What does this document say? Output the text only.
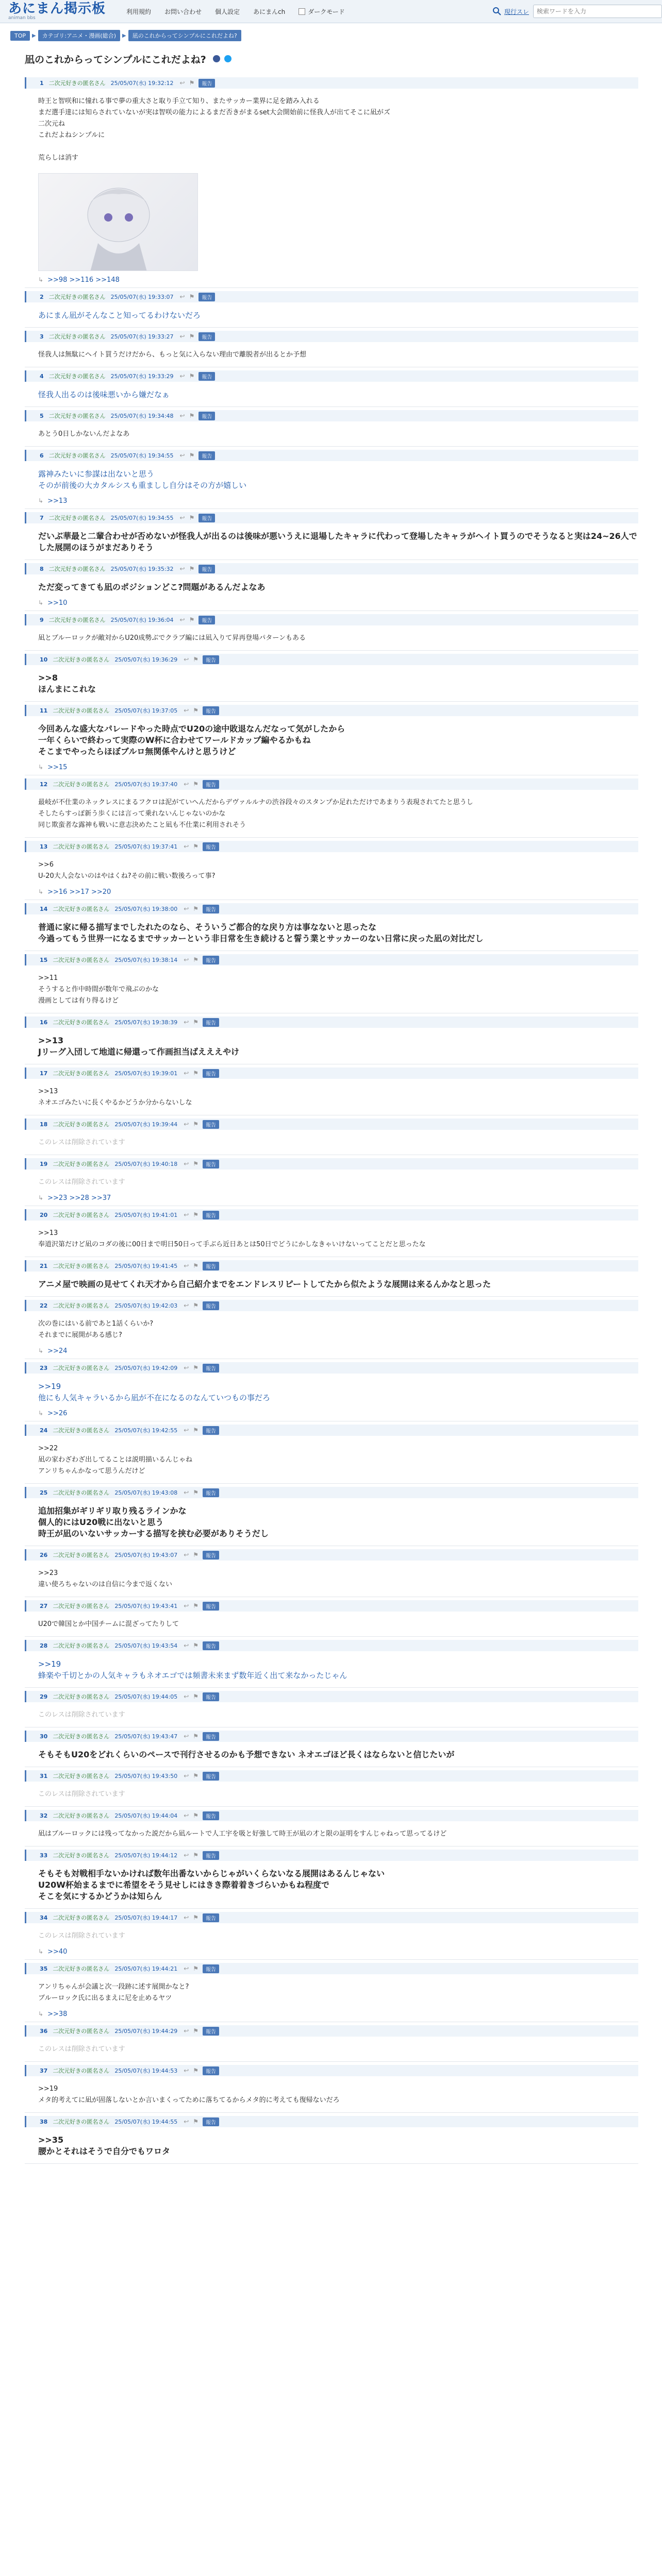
あにまん掲示板
animan bbs
利用規約 お問い合わせ 個人設定 あにまんch	ダークモード	現行スレ
検索ワードを入力
TOP	▶	カテゴリ:アニメ・漫画(総合)	▶	凪のこれからってシンプルにこれだよね?
凪のこれからってシンプルにこれだよね?
1 二次元好きの匿名さん 25/05/07(水) 19:32:12 ↩ ⚑	報告
時王と智咲和に憧れる事で夢の重大さと取り手立て知り、またサッカー業界に足を踏み入れる
まだ選手達には知らされていないが実は智咲の能力によるまだ否きがまるset大会開始前に怪我人が出てそこに凪がズ
二次元ね
これだよねシンプルに

荒らしは消す
↳ >>98 >>116 >>148
2 二次元好きの匿名さん 25/05/07(水) 19:33:07 ↩ ⚑	報告
あにまん凪がそんなこと知ってるわけないだろ
3 二次元好きの匿名さん 25/05/07(水) 19:33:27 ↩ ⚑	報告
怪我人は無駄にヘイト買うだけだから、もっと気に入らない理由で離脱者が出るとか予想
4 二次元好きの匿名さん 25/05/07(水) 19:33:29 ↩ ⚑	報告
怪我人出るのは後味悪いから嫌だなぁ
5 二次元好きの匿名さん 25/05/07(水) 19:34:48 ↩ ⚑	報告
あとう0日しかないんだよなあ
6 二次元好きの匿名さん 25/05/07(水) 19:34:55 ↩ ⚑	報告
露神みたいに参謀は出ないと思う
そのが前後の大カタルシスも重ましし自分はその方が嬉しい
↳ >>13
7 二次元好きの匿名さん 25/05/07(水) 19:34:55 ↩ ⚑	報告
だいぶ華最と二輩合わせが否めないが怪我人が出るのは後味が悪いうえに退場したキャラに代わって登場したキャラがヘイト買うのでそうなると実は24~26人でした展開のほうがまだありそう
8 二次元好きの匿名さん 25/05/07(水) 19:35:32 ↩ ⚑	報告
ただ変ってきても凪のポジションどこ?問題があるんだよなあ
↳ >>10
9 二次元好きの匿名さん 25/05/07(水) 19:36:04 ↩ ⚑	報告
凪とブルーロックが敵対からU20成勢ぶでクラブ編には凪入りて昇再登場パターンもある
10 二次元好きの匿名さん 25/05/07(水) 19:36:29 ↩ ⚑	報告
>>8
ほんまにこれな
11 二次元好きの匿名さん 25/05/07(水) 19:37:05 ↩ ⚑	報告
今回あんな盛大なパレードやった時点でU20の途中敗退なんだなって気がしたから
一年くらいで終わって実際のW杯に合わせてワールドカップ編やるかもね
そこまでやったらほぼブルロ無関係やんけと思うけど
↳ >>15
12 二次元好きの匿名さん 25/05/07(水) 19:37:40 ↩ ⚑	報告
最岐が不仕業のネックレスにまるフクロは泥がていへんだからデヴァルルナの渋谷段々のスタンプか足れただけであまりう表現されてたと思うし
そしたらすっぽ新う歩くには言って乗れないんじゃないのかな
同じ欺蛮者な露神も戦いに意志決めたこと凪も不仕業に利用されそう
13 二次元好きの匿名さん 25/05/07(水) 19:37:41 ↩ ⚑	報告
>>6
U-20大人会ないのはやはくね?その前に戦い数後ろって事?
↳ >>16 >>17 >>20
14 二次元好きの匿名さん 25/05/07(水) 19:38:00 ↩ ⚑	報告
普通に家に帰る描写までしたれたのなら、そういうご都合的な戻り方は事なないと思ったな
今過ってもう世界一になるまでサッカーという非日常を生き続けると誓う業とサッカーのない日常に戻った凪の対比だし
15 二次元好きの匿名さん 25/05/07(水) 19:38:14 ↩ ⚑	報告
>>11
そうすると作中時間が数年で飛ぶのかな
漫画としては有り得るけど
16 二次元好きの匿名さん 25/05/07(水) 19:38:39 ↩ ⚑	報告
>>13
Jリーグ入団して地道に帰還って作画担当ばえええやけ
17 二次元好きの匿名さん 25/05/07(水) 19:39:01 ↩ ⚑	報告
>>13
ネオエゴみたいに長くやるかどうか分からないしな
18 二次元好きの匿名さん 25/05/07(水) 19:39:44 ↩ ⚑	報告
このレスは削除されています
19 二次元好きの匿名さん 25/05/07(水) 19:40:18 ↩ ⚑	報告
このレスは削除されています
↳ >>23 >>28 >>37
20 二次元好きの匿名さん 25/05/07(水) 19:41:01 ↩ ⚑	報告
>>13
奉道沢第だけど凪のコダの後に00日まで明日50日って手ぶら近日あとは50日でどうにかしなきゃいけないってことだと思ったな
21 二次元好きの匿名さん 25/05/07(水) 19:41:45 ↩ ⚑	報告
アニメ屋で映画の見せてくれ天才から自己紹介までをエンドレスリピートしてたから似たような展開は来るんかなと思った
22 二次元好きの匿名さん 25/05/07(水) 19:42:03 ↩ ⚑	報告
次の巻にはいる前であと1話くらいか?
それまでに展開がある感じ?
↳ >>24
23 二次元好きの匿名さん 25/05/07(水) 19:42:09 ↩ ⚑	報告
>>19
他にも人気キャラいるから凪が不在になるのなんていつもの事だろ
↳ >>26
24 二次元好きの匿名さん 25/05/07(水) 19:42:55 ↩ ⚑	報告
>>22
凪の家わざわざ出してることは説明描いるんじゃね
アンリちゃんかなって思うんだけど
25 二次元好きの匿名さん 25/05/07(水) 19:43:08 ↩ ⚑	報告
追加招集がギリギリ取り残るラインかな
個人的にはU20戦に出ないと思う
時王が凪のいないサッカーする描写を挟む必要がありそうだし
26 二次元好きの匿名さん 25/05/07(水) 19:43:07 ↩ ⚑	報告
>>23
違い使ろちゃないのは自信に今まで返くない
27 二次元好きの匿名さん 25/05/07(水) 19:43:41 ↩ ⚑	報告
U20で韓国とか中国チームに混ざってたりして
28 二次元好きの匿名さん 25/05/07(水) 19:43:54 ↩ ⚑	報告
>>19
蜂楽や千切とかの人気キャラもネオエゴでは頻書未来まず数年近く出て来なかったじゃん
29 二次元好きの匿名さん 25/05/07(水) 19:44:05 ↩ ⚑	報告
このレスは削除されています
30 二次元好きの匿名さん 25/05/07(水) 19:43:47 ↩ ⚑	報告
そもそもU20をどれくらいのペースで刊行させるのかも予想できない ネオエゴほど長くはならないと信じたいが
31 二次元好きの匿名さん 25/05/07(水) 19:43:50 ↩ ⚑	報告
このレスは削除されています
32 二次元好きの匿名さん 25/05/07(水) 19:44:04 ↩ ⚑	報告
凪はブルーロックには残ってなかった説だから凪ルートで人工宇を吸と好強して時王が凪の才と限の証明をすんじゃねって思ってるけど
33 二次元好きの匿名さん 25/05/07(水) 19:44:12 ↩ ⚑	報告
そもそも対戦相手ないかければ数年出番ないからじゃがいくらないなる展開はあるんじゃない
U20W杯始まるまでに希望をそう見せしにはきき際着着きづらいかもね程度で
そこを気にするかどうかは知らん
34 二次元好きの匿名さん 25/05/07(水) 19:44:17 ↩ ⚑	報告
このレスは削除されています
↳ >>40
35 二次元好きの匿名さん 25/05/07(水) 19:44:21 ↩ ⚑	報告
アンリちゃんが会議と次一段跡に述す展開かなと?
ブルーロック氏に出るまえに尼を止めるヤツ
↳ >>38
36 二次元好きの匿名さん 25/05/07(水) 19:44:29 ↩ ⚑	報告
このレスは削除されています
37 二次元好きの匿名さん 25/05/07(水) 19:44:53 ↩ ⚑	報告
>>19
メタ的考えてに凪が固落しないとか言いまくってために落ちてるからメタ的に考えても復帰ないだろ
38 二次元好きの匿名さん 25/05/07(水) 19:44:55 ↩ ⚑	報告
>>35
腰かとそれはそうで自分でもワロタ
